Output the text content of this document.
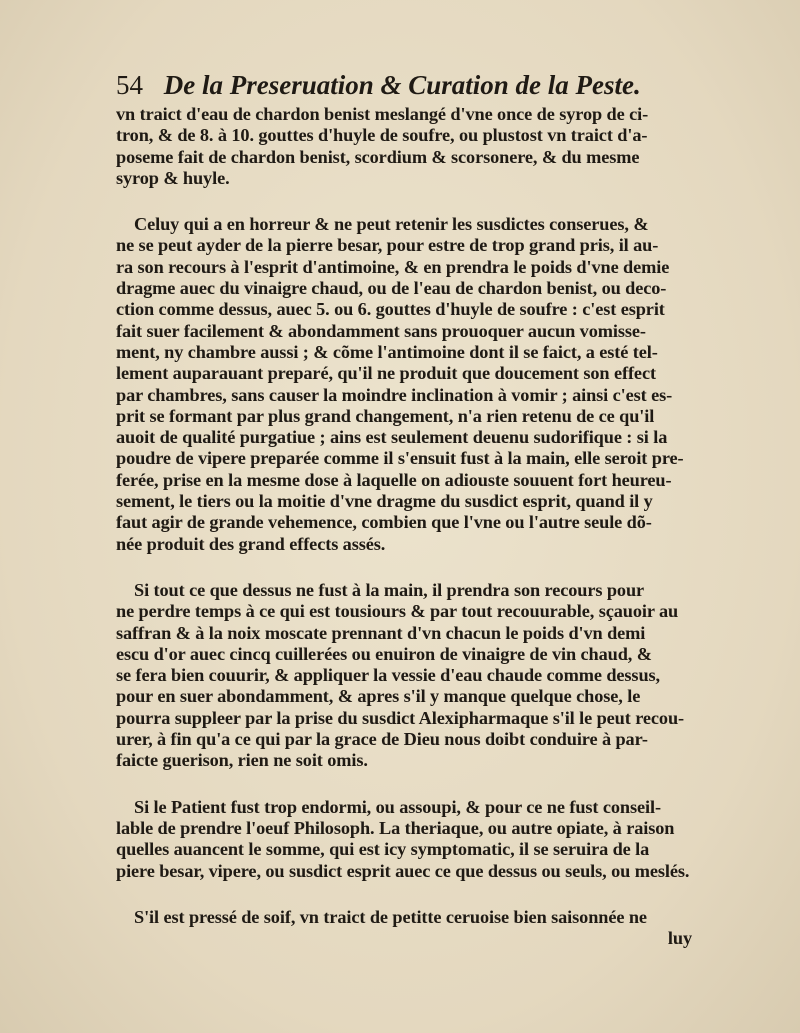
54 De la Preseruation & Curation de la Peste.
vn traict d'eau de chardon benist meslangé d'vne once de syrop de ci-
tron, & de 8. à 10. gouttes d'huyle de soufre, ou plustost vn traict d'a-
poseme fait de chardon benist, scordium & scorsonere, & du mesme
syrop & huyle.
Celuy qui a en horreur & ne peut retenir les susdictes conserues, &
ne se peut ayder de la pierre besar, pour estre de trop grand pris, il au-
ra son recours à l'esprit d'antimoine, & en prendra le poids d'vne demie
dragme auec du vinaigre chaud, ou de l'eau de chardon benist, ou deco-
ction comme dessus, auec 5. ou 6. gouttes d'huyle de soufre : c'est esprit
fait suer facilement & abondamment sans prouoquer aucun vomisse-
ment, ny chambre aussi ; & cõme l'antimoine dont il se faict, a esté tel-
lement auparauant preparé, qu'il ne produit que doucement son effect
par chambres, sans causer la moindre inclination à vomir ; ainsi c'est es-
prit se formant par plus grand changement, n'a rien retenu de ce qu'il
auoit de qualité purgatiue ; ains est seulement deuenu sudorifique : si la
poudre de vipere preparée comme il s'ensuit fust à la main, elle seroit pre-
ferée, prise en la mesme dose à laquelle on adiouste souuent fort heureu-
sement, le tiers ou la moitie d'vne dragme du susdict esprit, quand il y
faut agir de grande vehemence, combien que l'vne ou l'autre seule dõ-
née produit des grand effects assés.
Si tout ce que dessus ne fust à la main, il prendra son recours pour
ne perdre temps à ce qui est tousiours & par tout recouurable, sçauoir au
saffran & à la noix moscate prennant d'vn chacun le poids d'vn demi
escu d'or auec cincq cuillerées ou enuiron de vinaigre de vin chaud, &
se fera bien couurir, & appliquer la vessie d'eau chaude comme dessus,
pour en suer abondamment, & apres s'il y manque quelque chose, le
pourra suppleer par la prise du susdict Alexipharmaque s'il le peut recou-
urer, à fin qu'a ce qui par la grace de Dieu nous doibt conduire à par-
faicte guerison, rien ne soit omis.
Si le Patient fust trop endormi, ou assoupi, & pour ce ne fust conseil-
lable de prendre l'oeuf Philosoph. La theriaque, ou autre opiate, à raison
quelles auancent le somme, qui est icy symptomatic, il se seruira de la
piere besar, vipere, ou susdict esprit auec ce que dessus ou seuls, ou meslés.
S'il est pressé de soif, vn traict de petitte ceruoise bien saisonnée ne
luy
